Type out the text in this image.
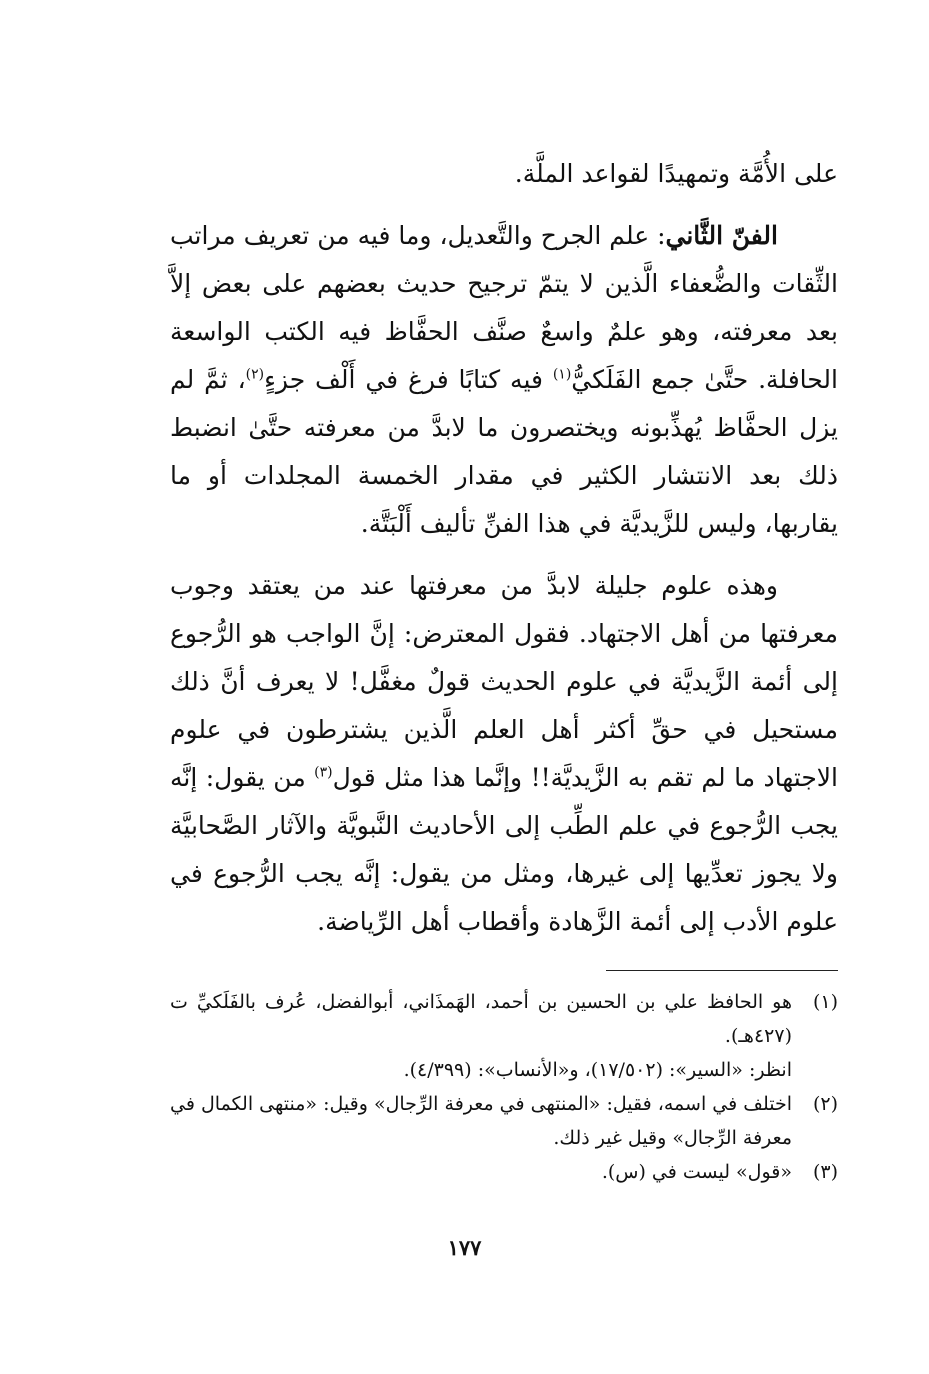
على الأُمَّة وتمهيدًا لقواعد الملَّة.

الفنّ الثَّاني: علم الجرح والتَّعديل، وما فيه من تعريف مراتب الثِّقات والضُّعفاء الَّذين لا يتمّ ترجيح حديث بعضهم على بعض إلاَّ بعد معرفته، وهو علمٌ واسعٌ صنَّف الحفَّاظ فيه الكتب الواسعة الحافلة. حتَّىٰ جمع الفَلَكيُّ$^{(١)}$ فيه كتابًا فرغ في أَلْف جزءٍ$^{(٢)}$، ثمَّ لم يزل الحفَّاظ يُهذِّبونه ويختصرون ما لابدَّ من معرفته حتَّىٰ انضبط ذلك بعد الانتشار الكثير في مقدار الخمسة المجلدات أو ما يقاربها، وليس للزَّيديَّة في هذا الفنِّ تأليف أَلْبَتَّة.

وهذه علوم جليلة لابدَّ من معرفتها عند من يعتقد وجوب معرفتها من أهل الاجتهاد. فقول المعترض: إنَّ الواجب هو الرُّجوع إلى أئمة الزَّيديَّة في علوم الحديث قولٌ مغفَّل! لا يعرف أنَّ ذلك مستحيل في حقِّ أكثر أهل العلم الَّذين يشترطون في علوم الاجتهاد ما لم تقم به الزَّيديَّة!! وإنَّما هذا مثل قول$^{(٣)}$ من يقول: إنَّه يجب الرُّجوع في علم الطِّب إلى الأحاديث النَّبويَّة والآثار الصَّحابيَّة ولا يجوز تعدِّيها إلى غيرها، ومثل من يقول: إنَّه يجب الرُّجوع في علوم الأدب إلى أئمة الزَّهادة وأقطاب أهل الرِّياضة.

(١)
هو الحافظ علي بن الحسين بن أحمد، الهَمذَاني، أبوالفضل، عُرف بالفَلَكيِّ ت (٤٢٧هـ).
انظر: «السير»: (١٧/٥٠٢)، و«الأنساب»: (٤/٣٩٩).
(٢)
اختلف في اسمه، فقيل: «المنتهى في معرفة الرِّجال» وقيل: «منتهى الكمال في معرفة الرِّجال» وقيل غير ذلك.
(٣)
«قول» ليست في (س).
١٧٧
